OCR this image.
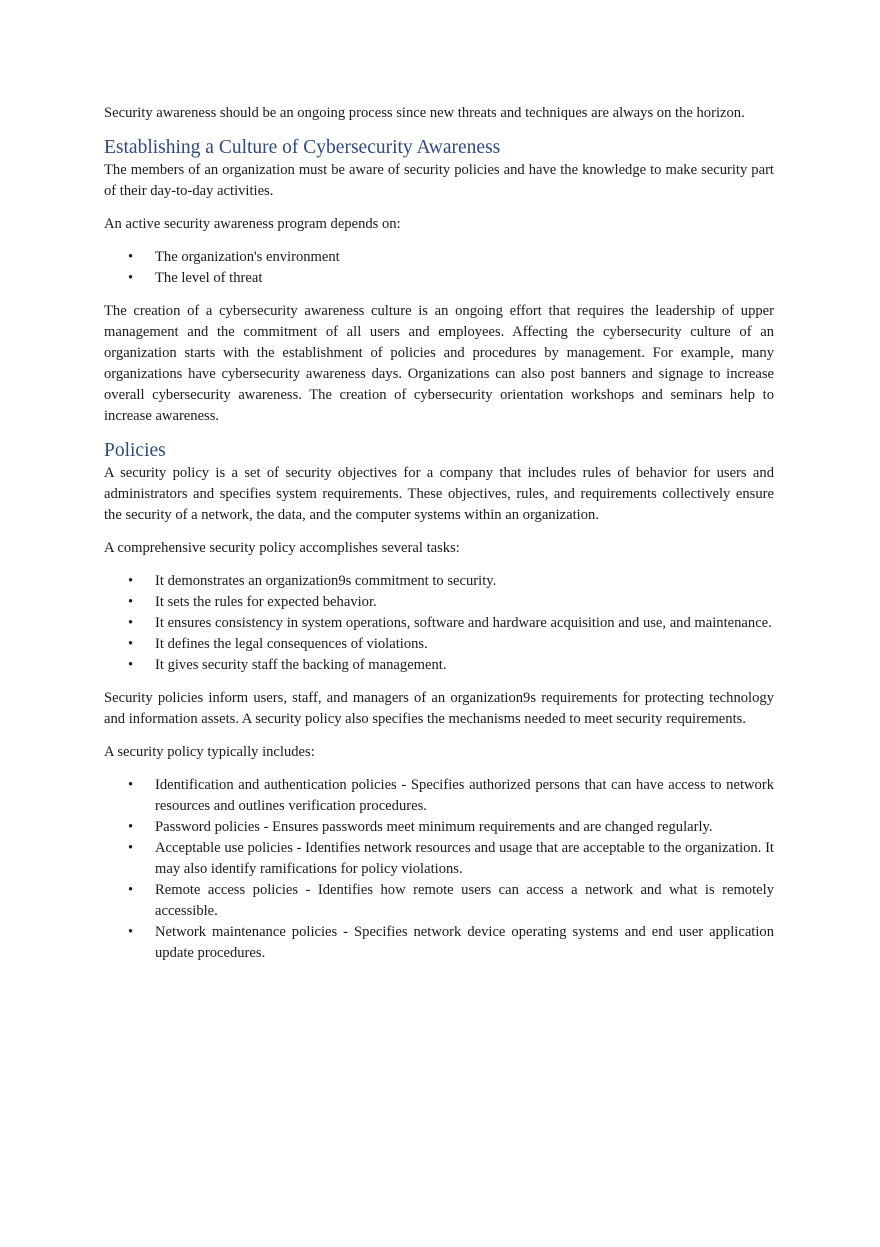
Security awareness should be an ongoing process since new threats and techniques are always on the horizon.

Establishing a Culture of Cybersecurity Awareness

The members of an organization must be aware of security policies and have the knowledge to make security part of their day-to-day activities.

An active security awareness program depends on:

• The organization's environment
• The level of threat

The creation of a cybersecurity awareness culture is an ongoing effort that requires the leadership of upper management and the commitment of all users and employees. Affecting the cybersecurity culture of an organization starts with the establishment of policies and procedures by management. For example, many organizations have cybersecurity awareness days. Organizations can also post banners and signage to increase overall cybersecurity awareness. The creation of cybersecurity orientation workshops and seminars help to increase awareness.

Policies

A security policy is a set of security objectives for a company that includes rules of behavior for users and administrators and specifies system requirements. These objectives, rules, and requirements collectively ensure the security of a network, the data, and the computer systems within an organization.

A comprehensive security policy accomplishes several tasks:

• It demonstrates an organization9s commitment to security.
• It sets the rules for expected behavior.
• It ensures consistency in system operations, software and hardware acquisition and use, and maintenance.
• It defines the legal consequences of violations.
• It gives security staff the backing of management.

Security policies inform users, staff, and managers of an organization9s requirements for protecting technology and information assets. A security policy also specifies the mechanisms needed to meet security requirements.

A security policy typically includes:

• Identification and authentication policies - Specifies authorized persons that can have access to network resources and outlines verification procedures.
• Password policies - Ensures passwords meet minimum requirements and are changed regularly.
• Acceptable use policies - Identifies network resources and usage that are acceptable to the organization. It may also identify ramifications for policy violations.
• Remote access policies - Identifies how remote users can access a network and what is remotely accessible.
• Network maintenance policies - Specifies network device operating systems and end user application update procedures.
